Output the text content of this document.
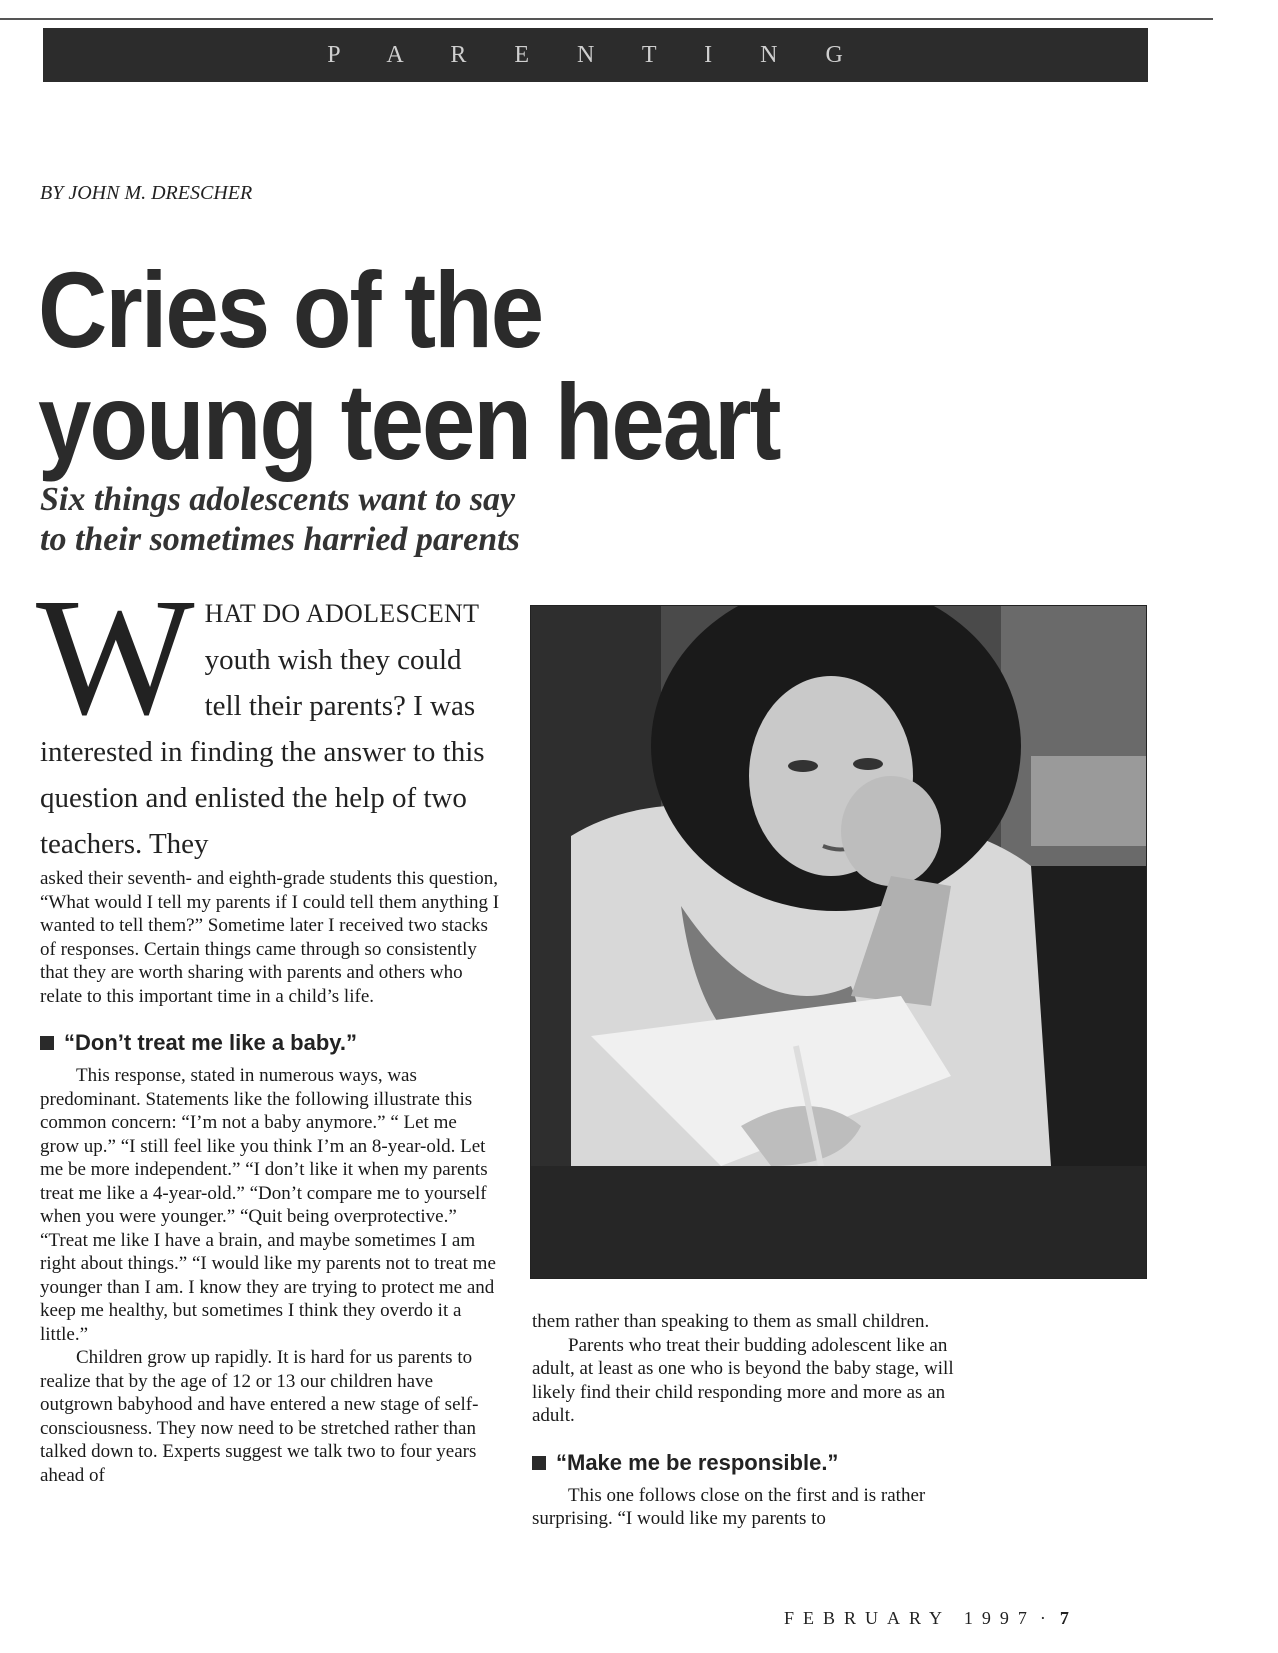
P A R E N T I N G
BY JOHN M. DRESCHER
Cries of the
young teen heart
Six things adolescents want to say
to their sometimes harried parents
W HAT DO ADOLESCENT youth wish they could tell their parents? I was interested in finding the answer to this question and enlisted the help of two teachers. They

asked their seventh- and eighth-grade students this question, “What would I tell my parents if I could tell them anything I wanted to tell them?” Sometime later I received two stacks of responses. Certain things came through so consistently that they are worth sharing with parents and others who relate to this important time in a child’s life.

“Don’t treat me like a baby.”

This response, stated in numerous ways, was predominant. Statements like the following illustrate this common concern: “I’m not a baby anymore.” “ Let me grow up.” “I still feel like you think I’m an 8-year-old. Let me be more independent.” “I don’t like it when my parents treat me like a 4-year-old.” “Don’t compare me to yourself when you were younger.” “Quit being overprotective.” “Treat me like I have a brain, and maybe sometimes I am right about things.” “I would like my parents not to treat me younger than I am. I know they are trying to protect me and keep me healthy, but sometimes I think they overdo it a little.”

Children grow up rapidly. It is hard for us parents to realize that by the age of 12 or 13 our children have outgrown babyhood and have entered a new stage of self-consciousness. They now need to be stretched rather than talked down to. Experts suggest we talk two to four years ahead of

them rather than speaking to them as small children.

Parents who treat their budding adolescent like an adult, at least as one who is beyond the baby stage, will likely find their child responding more and more as an adult.

“Make me be responsible.”

This one follows close on the first and is rather surprising. “I would like my parents to

FEBRUARY 1997 · 7
